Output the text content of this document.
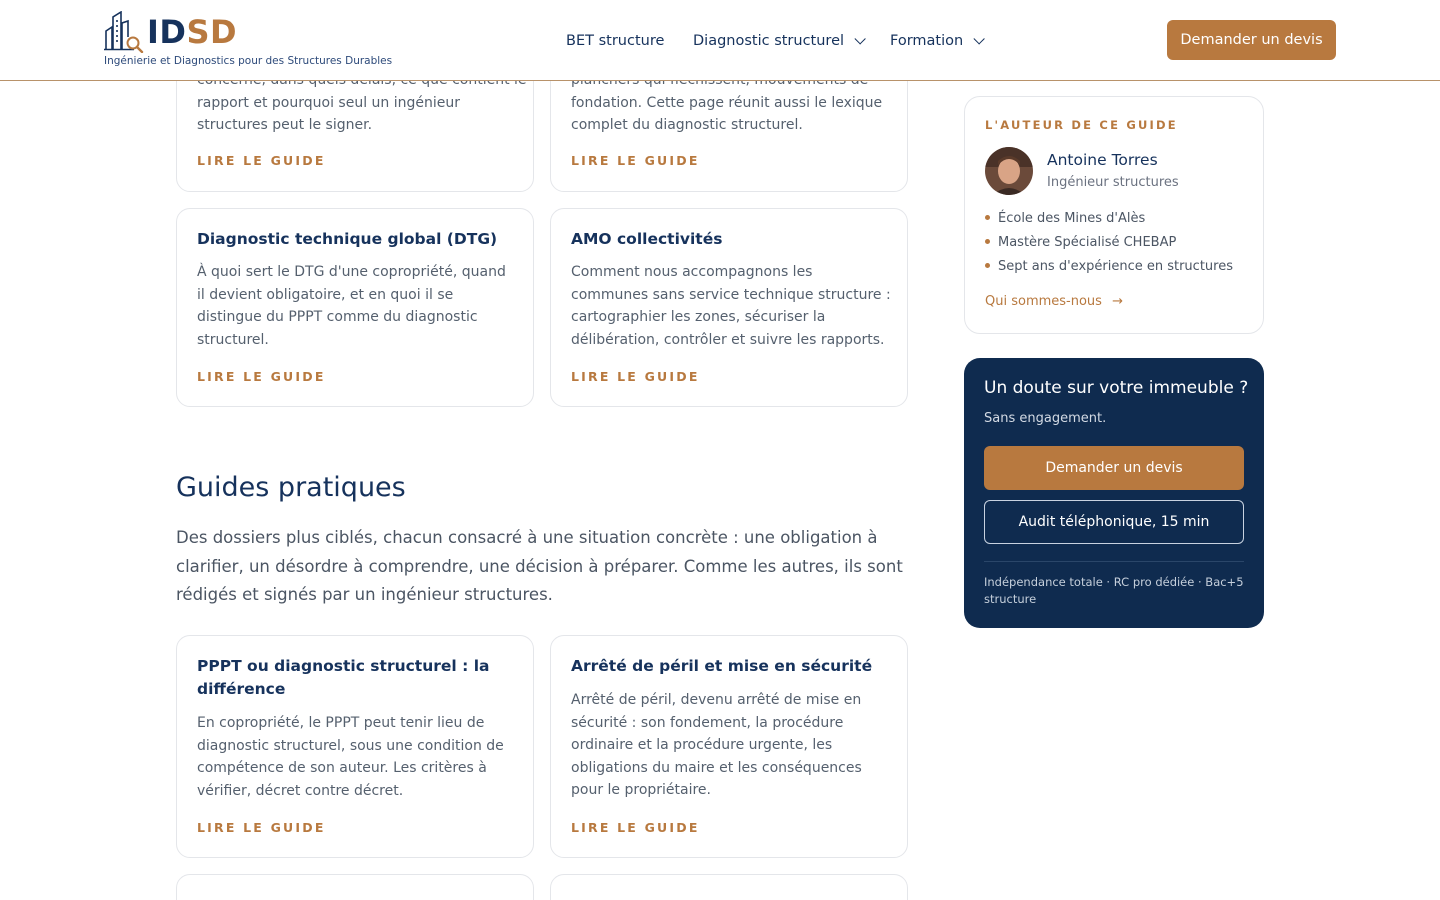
IDSD
Ingénierie et Diagnostics pour des Structures Durables
BET structure Diagnostic structurel	Formation	Demander un devis
rapport et pourquoi seul un ingénieur
structures peut le signer.
LIRE LE GUIDE
fondation. Cette page réunit aussi le lexique
complet du diagnostic structurel.
LIRE LE GUIDE
Diagnostic technique global (DTG)
À quoi sert le DTG d'une copropriété, quand il devient obligatoire, et en quoi il se distingue du PPPT comme du diagnostic structurel.
LIRE LE GUIDE
AMO collectivités
Comment nous accompagnons les communes sans service technique structure : cartographier les zones, sécuriser la délibération, contrôler et suivre les rapports.
LIRE LE GUIDE
Guides pratiques

Des dossiers plus ciblés, chacun consacré à une situation concrète : une obligation à clarifier, un désordre à comprendre, une décision à préparer. Comme les autres, ils sont rédigés et signés par un ingénieur structures.

PPPT ou diagnostic structurel : la différence
En copropriété, le PPPT peut tenir lieu de diagnostic structurel, sous une condition de compétence de son auteur. Les critères à vérifier, décret contre décret.
LIRE LE GUIDE
Arrêté de péril et mise en sécurité
Arrêté de péril, devenu arrêté de mise en sécurité : son fondement, la procédure ordinaire et la procédure urgente, les obligations du maire et les conséquences pour le propriétaire.
LIRE LE GUIDE
L'AUTEUR DE CE GUIDE
Antoine Torres
Ingénieur structures
École des Mines d'Alès
Mastère Spécialisé CHEBAP
Sept ans d'expérience en structures
Qui sommes-nous →
Un doute sur votre immeuble ?
Sans engagement.
Demander un devis
Audit téléphonique, 15 min
Indépendance totale · RC pro dédiée · Bac+5 structure
